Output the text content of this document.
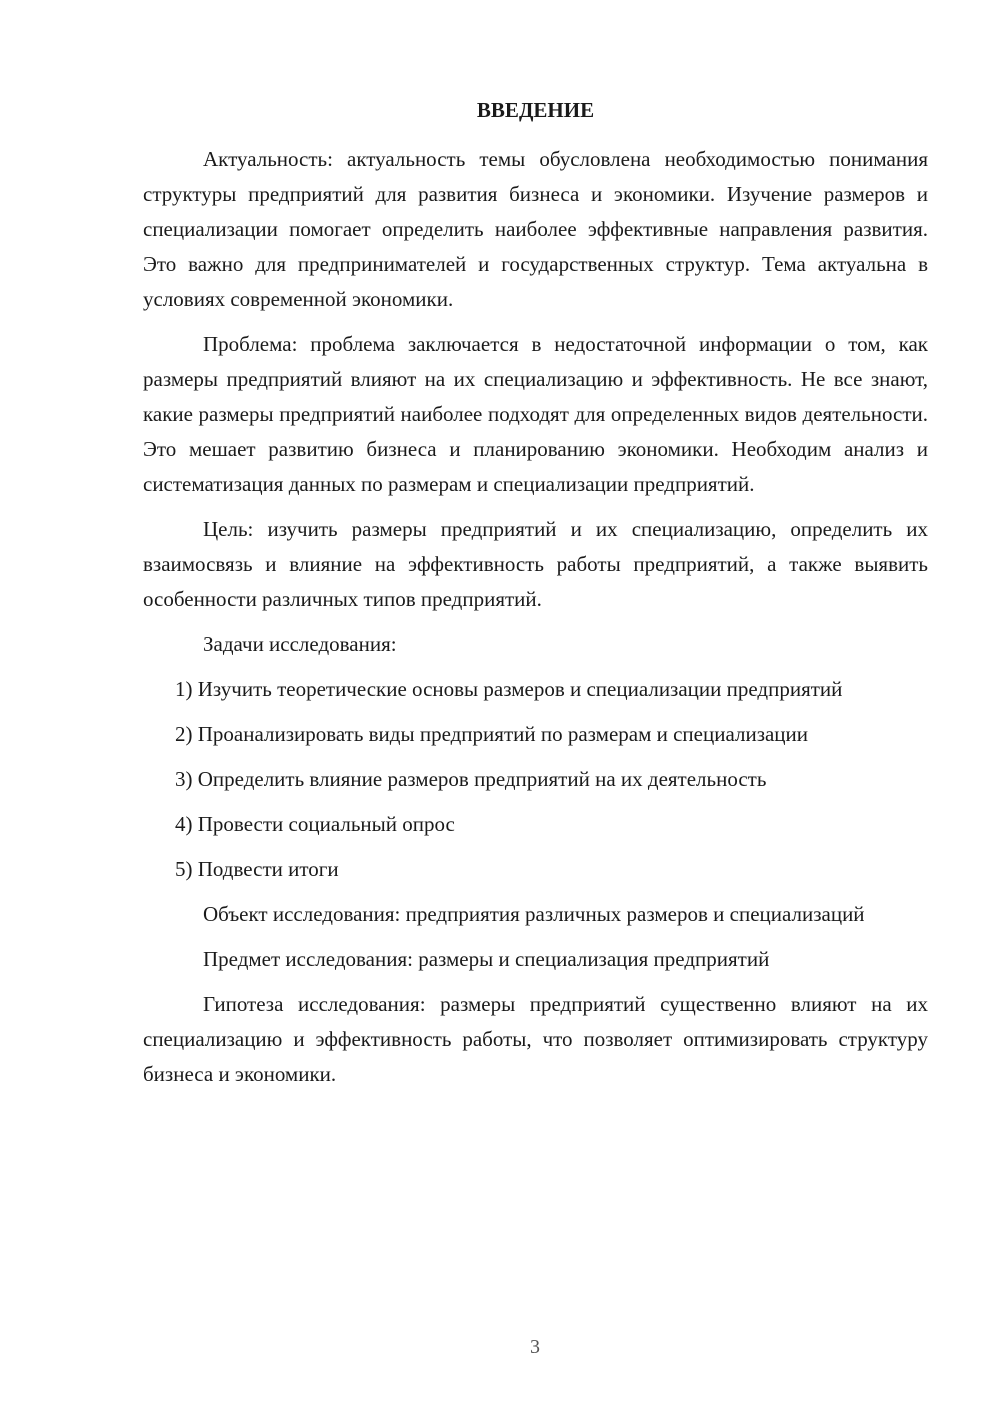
ВВЕДЕНИЕ

Актуальность: актуальность темы обусловлена необходимостью понимания структуры предприятий для развития бизнеса и экономики. Изучение размеров и специализации помогает определить наиболее эффективные направления развития. Это важно для предпринимателей и государственных структур. Тема актуальна в условиях современной экономики.

Проблема: проблема заключается в недостаточной информации о том, как размеры предприятий влияют на их специализацию и эффективность. Не все знают, какие размеры предприятий наиболее подходят для определенных видов деятельности. Это мешает развитию бизнеса и планированию экономики. Необходим анализ и систематизация данных по размерам и специализации предприятий.

Цель: изучить размеры предприятий и их специализацию, определить их взаимосвязь и влияние на эффективность работы предприятий, а также выявить особенности различных типов предприятий.

Задачи исследования:

1) Изучить теоретические основы размеров и специализации предприятий

2) Проанализировать виды предприятий по размерам и специализации

3) Определить влияние размеров предприятий на их деятельность

4) Провести социальный опрос

5) Подвести итоги

Объект исследования: предприятия различных размеров и специализаций

Предмет исследования: размеры и специализация предприятий

Гипотеза исследования: размеры предприятий существенно влияют на их специализацию и эффективность работы, что позволяет оптимизировать структуру бизнеса и экономики.

3
